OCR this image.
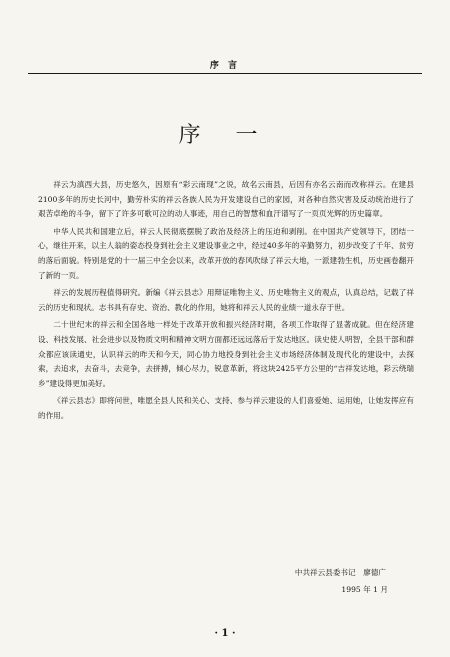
序 言
序 一

祥云为滇西大县，历史悠久，因原有“彩云南现”之说，故名云南县，后因有亦名云南而改称祥云。在建县2100多年的历史长河中，勤劳朴实的祥云各族人民为开发建设自己的家园，对各种自然灾害及反动统治进行了艰苦卓绝的斗争，留下了许多可歌可泣的动人事迹，用自己的智慧和血汗谱写了一页页光辉的历史篇章。

中华人民共和国建立后，祥云人民彻底摆脱了政治及经济上的压迫和剥削。在中国共产党领导下，团结一心，继往开来，以主人翁的姿态投身到社会主义建设事业之中，经过40多年的辛勤努力，初步改变了千年、贫穷的落后面貌。特别是党的十一届三中全会以来，改革开放的春风吹绿了祥云大地，一派建勃生机，历史画卷翻开了新的一页。

祥云的发展历程值得研究。新编《祥云县志》用辩证唯物主义、历史唯物主义的观点，认真总结，记载了祥云的历史和现状。志书具有存史、资治、教化的作用，她将和祥云人民的业绩一道永存于世。

二十世纪末的祥云和全国各地一样处于改革开放和振兴经济时期，各项工作取得了显著成就。但在经济建设、科技发展、社会进步以及物质文明和精神文明方面都还远远落后于发达地区。读史使人明智，全县干部和群众都应该读通史，认识祥云的昨天和今天，同心协力地投身到社会主义市场经济体制及现代化的建设中，去探索，去追求，去奋斗，去竞争，去拼搏，倾心尽力，锐意革新，将这块2425平方公里的“吉祥发达地，彩云绕瑞乡”建设得更加美好。

《祥云县志》即将问世，唯愿全县人民和关心、支持、参与祥云建设的人们喜爱她、运用她，让她发挥应有的作用。

中共祥云县委书记　廖德广
1995 年 1 月
· 1 ·
